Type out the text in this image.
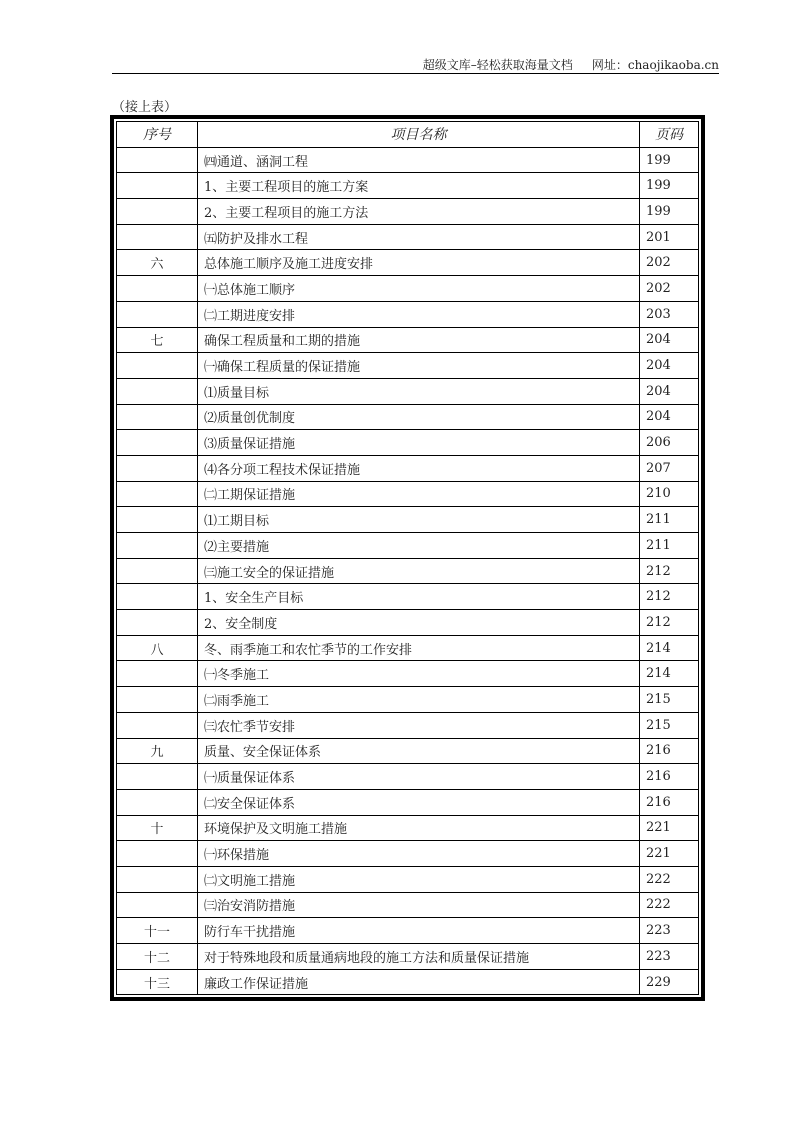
超级文库–轻松获取海量文档 网址：chaojikaoba.cn
（接上表）
序号	项目名称	页码
	㈣通道、涵洞工程	199
	1、主要工程项目的施工方案	199
	2、主要工程项目的施工方法	199
	㈤防护及排水工程	201
六	总体施工顺序及施工进度安排	202
	㈠总体施工顺序	202
	㈡工期进度安排	203
七	确保工程质量和工期的措施	204
	㈠确保工程质量的保证措施	204
	⑴质量目标	204
	⑵质量创优制度	204
	⑶质量保证措施	206
	⑷各分项工程技术保证措施	207
	㈡工期保证措施	210
	⑴工期目标	211
	⑵主要措施	211
	㈢施工安全的保证措施	212
	1、安全生产目标	212
	2、安全制度	212
八	冬、雨季施工和农忙季节的工作安排	214
	㈠冬季施工	214
	㈡雨季施工	215
	㈢农忙季节安排	215
九	质量、安全保证体系	216
	㈠质量保证体系	216
	㈡安全保证体系	216
十	环境保护及文明施工措施	221
	㈠环保措施	221
	㈡文明施工措施	222
	㈢治安消防措施	222
十一	防行车干扰措施	223
十二	对于特殊地段和质量通病地段的施工方法和质量保证措施	223
十三	廉政工作保证措施	229
